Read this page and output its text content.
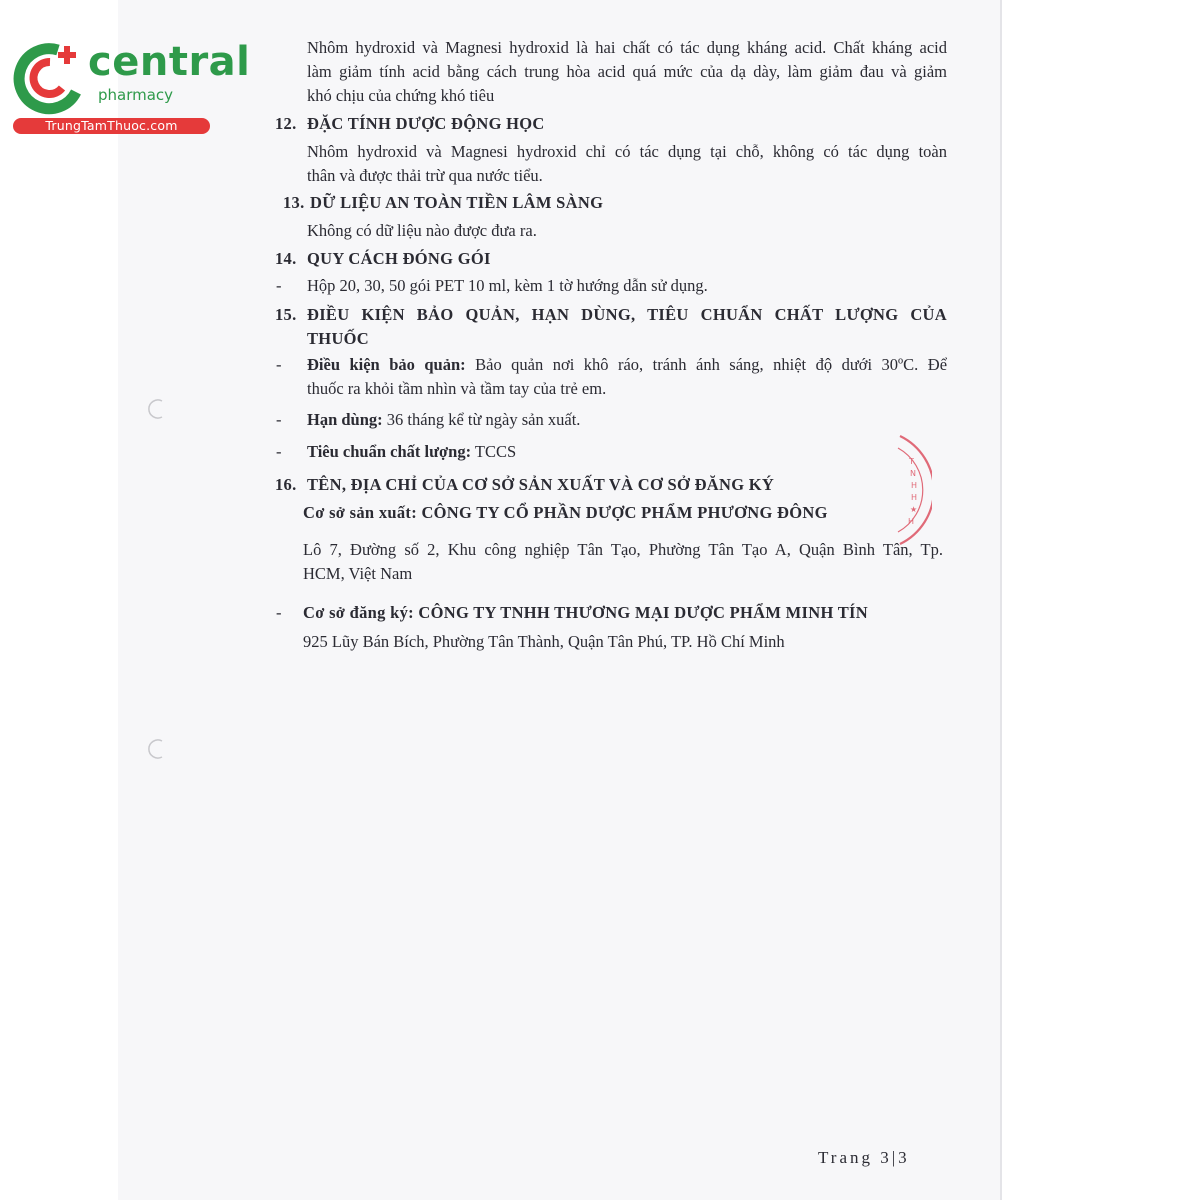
central
pharmacy
TrungTamThuoc.com
Nhôm hydroxid và Magnesi hydroxid là hai chất có tác dụng kháng acid. Chất kháng acid
làm giảm tính acid bằng cách trung hòa acid quá mức của dạ dày, làm giảm đau và giảm
khó chịu của chứng khó tiêu
12. ĐẶC TÍNH DƯỢC ĐỘNG HỌC
Nhôm hydroxid và Magnesi hydroxid chỉ có tác dụng tại chỗ, không có tác dụng toàn
thân và được thải trừ qua nước tiểu.
13. DỮ LIỆU AN TOÀN TIỀN LÂM SÀNG
Không có dữ liệu nào được đưa ra.
14. QUY CÁCH ĐÓNG GÓI
- Hộp 20, 30, 50 gói PET 10 ml, kèm 1 tờ hướng dẫn sử dụng.
15. ĐIỀU KIỆN BẢO QUẢN, HẠN DÙNG, TIÊU CHUẨN CHẤT LƯỢNG CỦA
THUỐC
- Điều kiện bảo quản: Bảo quản nơi khô ráo, tránh ánh sáng, nhiệt độ dưới 30ºC. Để
thuốc ra khỏi tầm nhìn và tầm tay của trẻ em.
- Hạn dùng: 36 tháng kể từ ngày sản xuất.
- Tiêu chuẩn chất lượng: TCCS
16. TÊN, ĐỊA CHỈ CỦA CƠ SỞ SẢN XUẤT VÀ CƠ SỞ ĐĂNG KÝ
Cơ sở sản xuất: CÔNG TY CỔ PHẦN DƯỢC PHẨM PHƯƠNG ĐÔNG
Lô 7, Đường số 2, Khu công nghiệp Tân Tạo, Phường Tân Tạo A, Quận Bình Tân, Tp.
HCM, Việt Nam
- Cơ sở đăng ký: CÔNG TY TNHH THƯƠNG MẠI DƯỢC PHẨM MINH TÍN
925 Lũy Bán Bích, Phường Tân Thành, Quận Tân Phú, TP. Hồ Chí Minh
T
N
H
H
★
H
Trang 3|3
